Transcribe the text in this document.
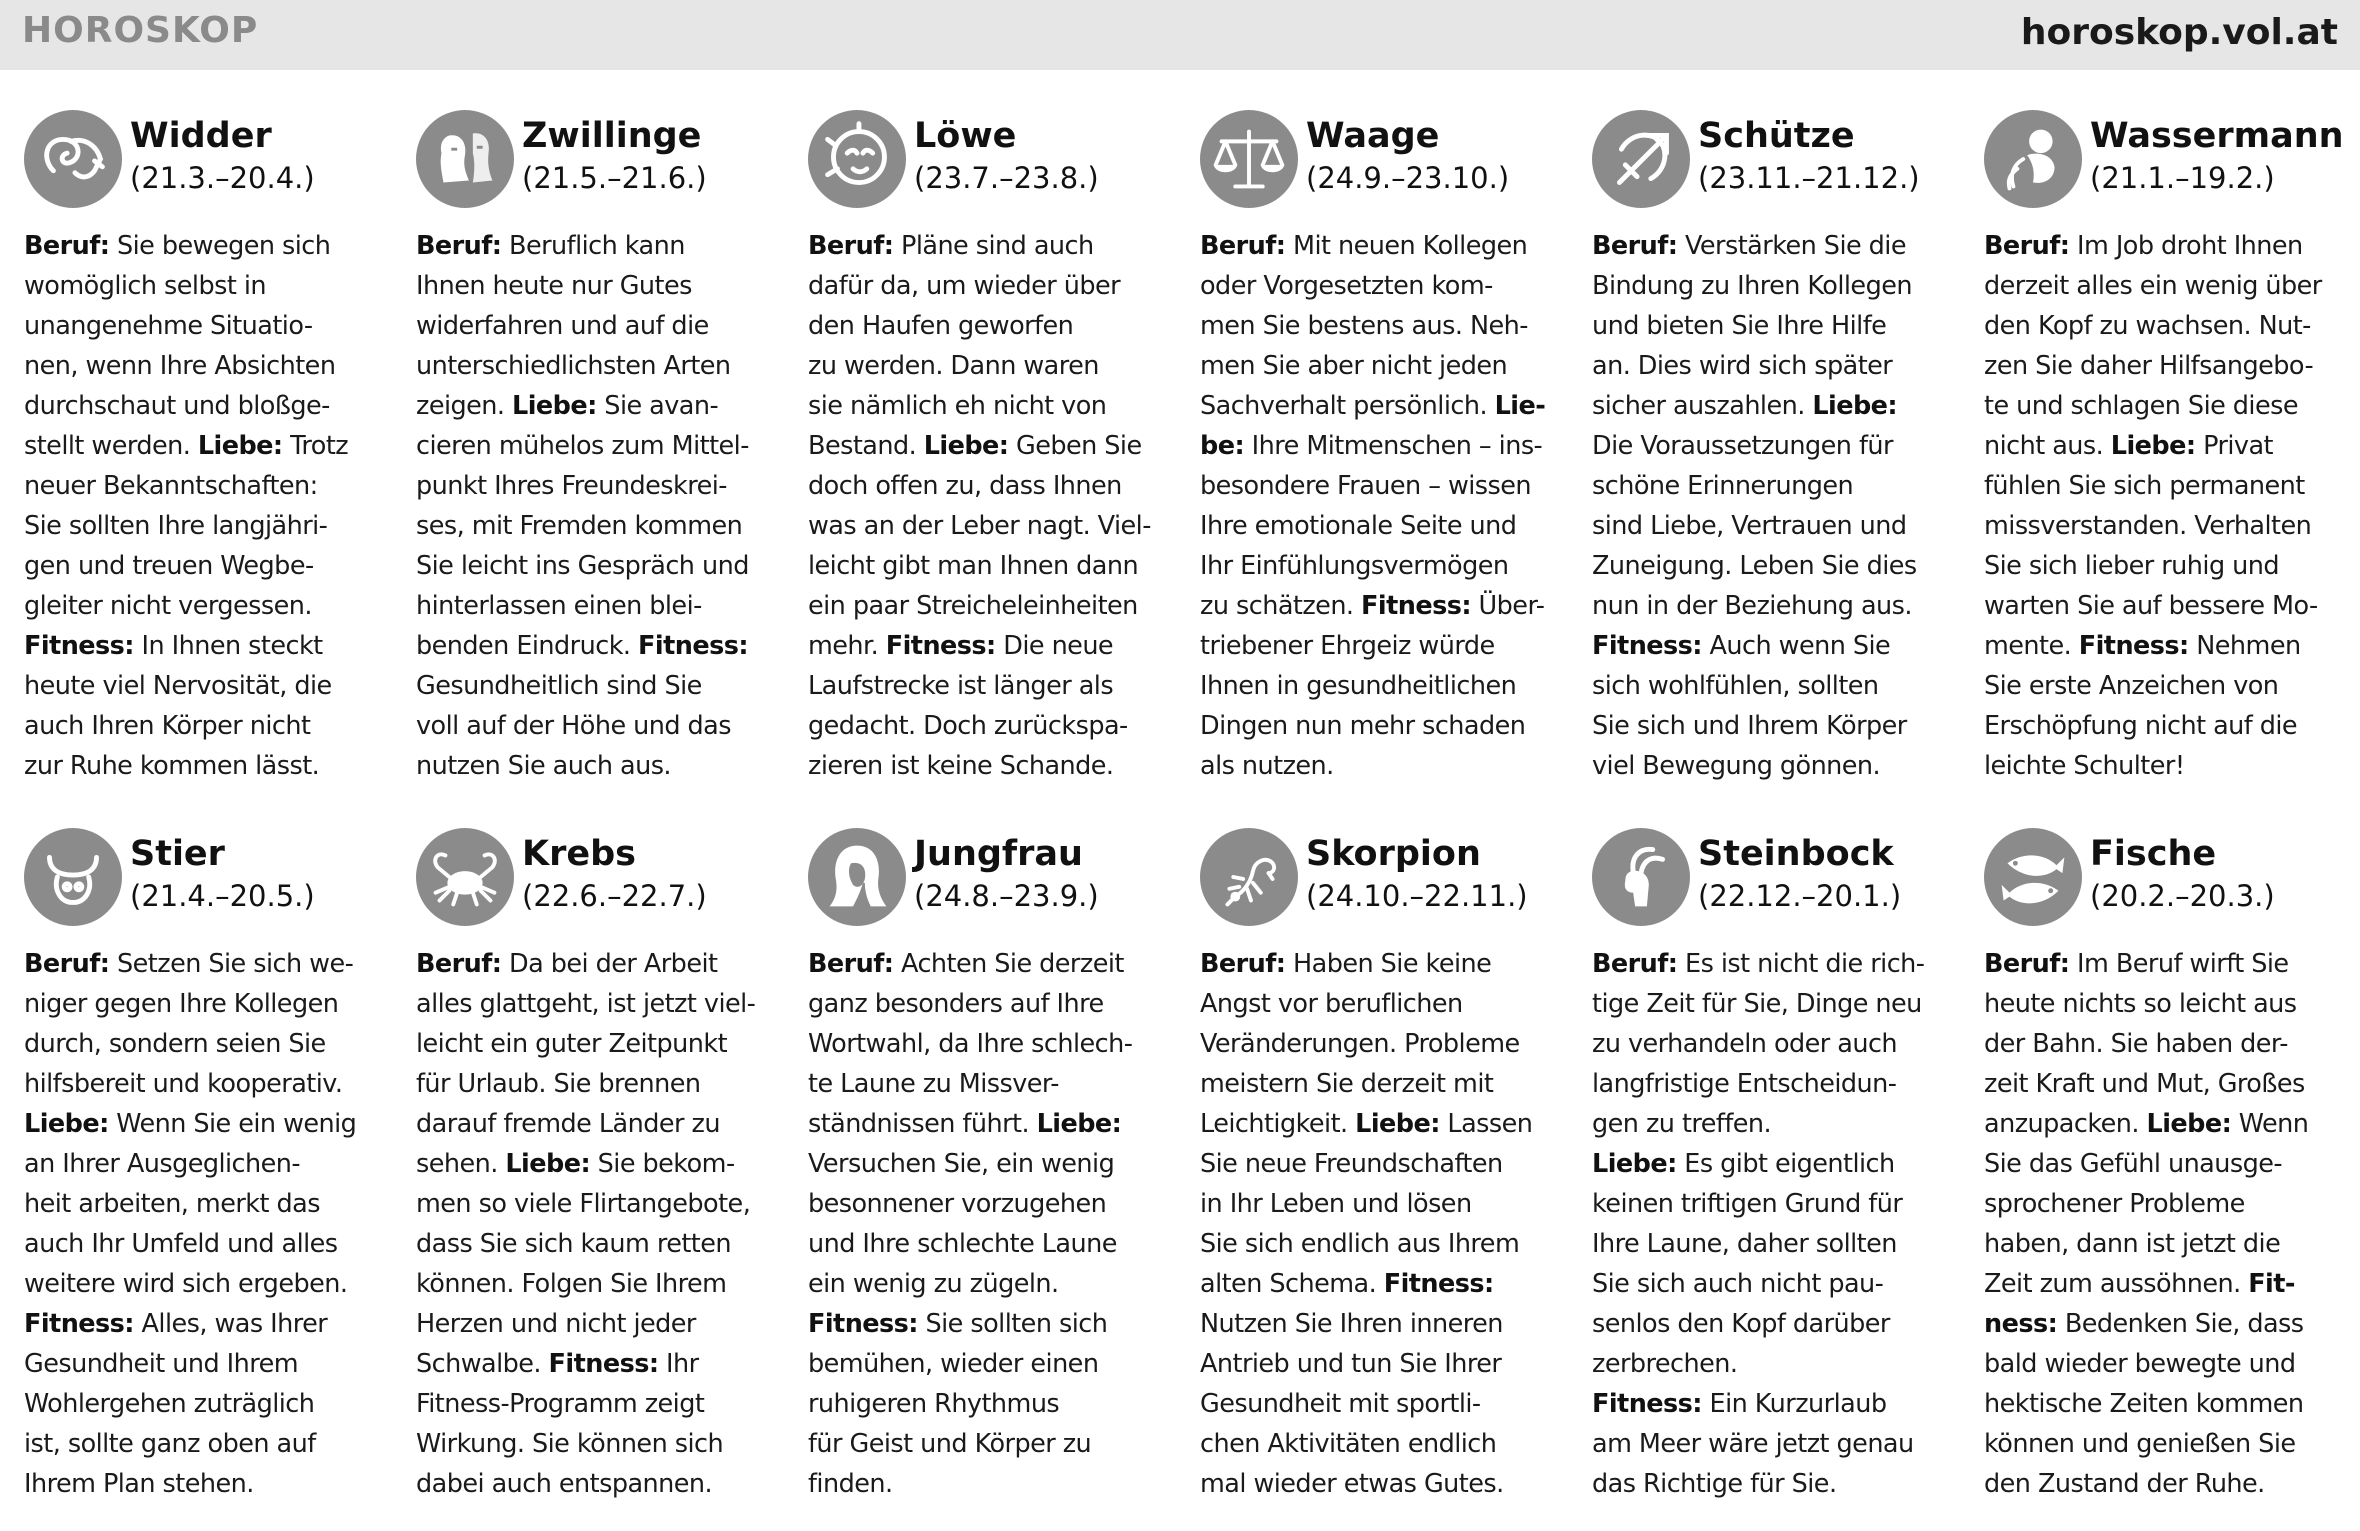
HOROSKOP	horoskop.vol.at
Widder
(21.3.–20.4.)
Beruf: Sie bewegen sich
womöglich selbst in
unangenehme Situatio-
nen, wenn Ihre Absichten
durchschaut und bloßge-
stellt werden. Liebe: Trotz
neuer Bekanntschaften:
Sie sollten Ihre langjähri-
gen und treuen Wegbe-
gleiter nicht vergessen.
Fitness: In Ihnen steckt
heute viel Nervosität, die
auch Ihren Körper nicht
zur Ruhe kommen lässt.
Zwillinge
(21.5.–21.6.)
Beruf: Beruflich kann
Ihnen heute nur Gutes
widerfahren und auf die
unterschiedlichsten Arten
zeigen. Liebe: Sie avan-
cieren mühelos zum Mittel-
punkt Ihres Freundeskrei-
ses, mit Fremden kommen
Sie leicht ins Gespräch und
hinterlassen einen blei-
benden Eindruck. Fitness:
Gesundheitlich sind Sie
voll auf der Höhe und das
nutzen Sie auch aus.
Löwe
(23.7.–23.8.)
Beruf: Pläne sind auch
dafür da, um wieder über
den Haufen geworfen
zu werden. Dann waren
sie nämlich eh nicht von
Bestand. Liebe: Geben Sie
doch offen zu, dass Ihnen
was an der Leber nagt. Viel-
leicht gibt man Ihnen dann
ein paar Streicheleinheiten
mehr. Fitness: Die neue
Laufstrecke ist länger als
gedacht. Doch zurückspa-
zieren ist keine Schande.
Waage
(24.9.–23.10.)
Beruf: Mit neuen Kollegen
oder Vorgesetzten kom-
men Sie bestens aus. Neh-
men Sie aber nicht jeden
Sachverhalt persönlich. Lie-
be: Ihre Mitmenschen – ins-
besondere Frauen – wissen
Ihre emotionale Seite und
Ihr Einfühlungsvermögen
zu schätzen. Fitness: Über-
triebener Ehrgeiz würde
Ihnen in gesundheitlichen
Dingen nun mehr schaden
als nutzen.
Schütze
(23.11.–21.12.)
Beruf: Verstärken Sie die
Bindung zu Ihren Kollegen
und bieten Sie Ihre Hilfe
an. Dies wird sich später
sicher auszahlen. Liebe:
Die Voraussetzungen für
schöne Erinnerungen
sind Liebe, Vertrauen und
Zuneigung. Leben Sie dies
nun in der Beziehung aus.
Fitness: Auch wenn Sie
sich wohlfühlen, sollten
Sie sich und Ihrem Körper
viel Bewegung gönnen.
Wassermann
(21.1.–19.2.)
Beruf: Im Job droht Ihnen
derzeit alles ein wenig über
den Kopf zu wachsen. Nut-
zen Sie daher Hilfsangebo-
te und schlagen Sie diese
nicht aus. Liebe: Privat
fühlen Sie sich permanent
missverstanden. Verhalten
Sie sich lieber ruhig und
warten Sie auf bessere Mo-
mente. Fitness: Nehmen
Sie erste Anzeichen von
Erschöpfung nicht auf die
leichte Schulter!
Stier
(21.4.–20.5.)
Beruf: Setzen Sie sich we-
niger gegen Ihre Kollegen
durch, sondern seien Sie
hilfsbereit und kooperativ.
Liebe: Wenn Sie ein wenig
an Ihrer Ausgeglichen-
heit arbeiten, merkt das
auch Ihr Umfeld und alles
weitere wird sich ergeben.
Fitness: Alles, was Ihrer
Gesundheit und Ihrem
Wohlergehen zuträglich
ist, sollte ganz oben auf
Ihrem Plan stehen.
Krebs
(22.6.–22.7.)
Beruf: Da bei der Arbeit
alles glattgeht, ist jetzt viel-
leicht ein guter Zeitpunkt
für Urlaub. Sie brennen
darauf fremde Länder zu
sehen. Liebe: Sie bekom-
men so viele Flirtangebote,
dass Sie sich kaum retten
können. Folgen Sie Ihrem
Herzen und nicht jeder
Schwalbe. Fitness: Ihr
Fitness-Programm zeigt
Wirkung. Sie können sich
dabei auch entspannen.
Jungfrau
(24.8.–23.9.)
Beruf: Achten Sie derzeit
ganz besonders auf Ihre
Wortwahl, da Ihre schlech-
te Laune zu Missver-
ständnissen führt. Liebe:
Versuchen Sie, ein wenig
besonnener vorzugehen
und Ihre schlechte Laune
ein wenig zu zügeln.
Fitness: Sie sollten sich
bemühen, wieder einen
ruhigeren Rhythmus
für Geist und Körper zu
finden.
Skorpion
(24.10.–22.11.)
Beruf: Haben Sie keine
Angst vor beruflichen
Veränderungen. Probleme
meistern Sie derzeit mit
Leichtigkeit. Liebe: Lassen
Sie neue Freundschaften
in Ihr Leben und lösen
Sie sich endlich aus Ihrem
alten Schema. Fitness:
Nutzen Sie Ihren inneren
Antrieb und tun Sie Ihrer
Gesundheit mit sportli-
chen Aktivitäten endlich
mal wieder etwas Gutes.
Steinbock
(22.12.–20.1.)
Beruf: Es ist nicht die rich-
tige Zeit für Sie, Dinge neu
zu verhandeln oder auch
langfristige Entscheidun-
gen zu treffen.
Liebe: Es gibt eigentlich
keinen triftigen Grund für
Ihre Laune, daher sollten
Sie sich auch nicht pau-
senlos den Kopf darüber
zerbrechen.
Fitness: Ein Kurzurlaub
am Meer wäre jetzt genau
das Richtige für Sie.
Fische
(20.2.–20.3.)
Beruf: Im Beruf wirft Sie
heute nichts so leicht aus
der Bahn. Sie haben der-
zeit Kraft und Mut, Großes
anzupacken. Liebe: Wenn
Sie das Gefühl unausge-
sprochener Probleme
haben, dann ist jetzt die
Zeit zum aussöhnen. Fit-
ness: Bedenken Sie, dass
bald wieder bewegte und
hektische Zeiten kommen
können und genießen Sie
den Zustand der Ruhe.
